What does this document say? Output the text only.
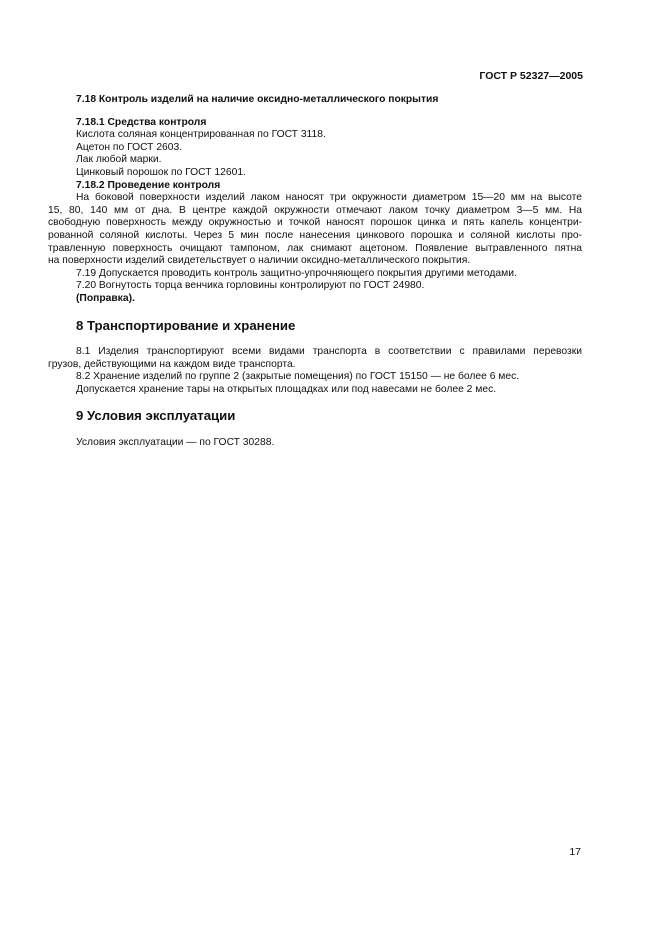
ГОСТ Р 52327—2005
7.18 Контроль изделий на наличие оксидно-металлического покрытия
7.18.1 Средства контроля
Кислота соляная концентрированная по ГОСТ 3118.
Ацетон по ГОСТ 2603.
Лак любой марки.
Цинковый порошок по ГОСТ 12601.
7.18.2 Проведение контроля
На боковой поверхности изделий лаком наносят три окружности диаметром 15—20 мм на высоте
15, 80, 140 мм от дна. В центре каждой окружности отмечают лаком точку диаметром 3—5 мм. На
свободную поверхность между окружностью и точкой наносят порошок цинка и пять капель концентри-
рованной соляной кислоты. Через 5 мин после нанесения цинкового порошка и соляной кислоты про-
травленную поверхность очищают тампоном, лак снимают ацетоном. Появление вытравленного пятна
на поверхности изделий свидетельствует о наличии оксидно-металлического покрытия.
7.19 Допускается проводить контроль защитно-упрочняющего покрытия другими методами.
7.20 Вогнутость торца венчика горловины контролируют по ГОСТ 24980.
(Поправка).
8 Транспортирование и хранение
8.1 Изделия транспортируют всеми видами транспорта в соответствии с правилами перевозки
грузов, действующими на каждом виде транспорта.
8.2 Хранение изделий по группе 2 (закрытые помещения) по ГОСТ 15150 — не более 6 мес.
Допускается хранение тары на открытых площадках или под навесами не более 2 мес.
9 Условия эксплуатации
Условия эксплуатации — по ГОСТ 30288.
17
